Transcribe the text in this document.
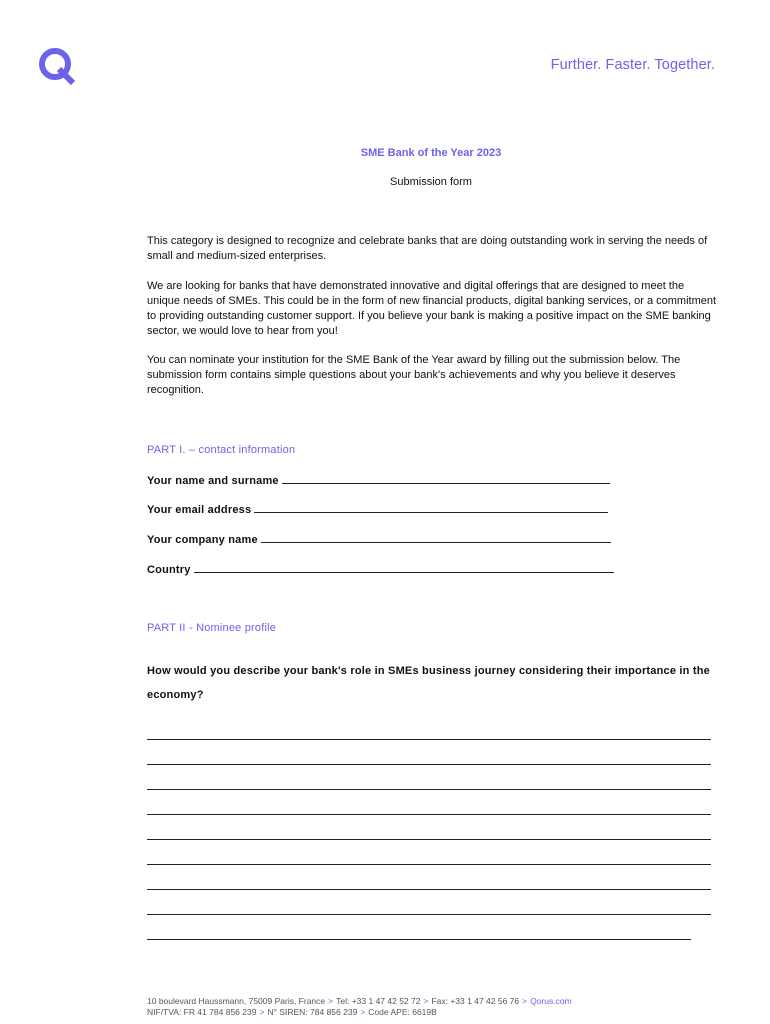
Further. Faster. Together.
SME Bank of the Year 2023
Submission form
This category is designed to recognize and celebrate banks that are doing outstanding work in serving the needs of small and medium-sized enterprises.
We are looking for banks that have demonstrated innovative and digital offerings that are designed to meet the unique needs of SMEs. This could be in the form of new financial products, digital banking services, or a commitment to providing outstanding customer support. If you believe your bank is making a positive impact on the SME banking sector, we would love to hear from you!
You can nominate your institution for the SME Bank of the Year award by filling out the submission below. The submission form contains simple questions about your bank's achievements and why you believe it deserves recognition.
PART I. – contact information
Your name and surname
Your email address
Your company name
Country
PART II - Nominee profile
How would you describe your bank's role in SMEs business journey considering their importance in the economy?
10 boulevard Haussmann, 75009 Paris, France > Tel: +33 1 47 42 52 72 > Fax: +33 1 47 42 56 76 > Qorus.com
NIF/TVA: FR 41 784 856 239 > N° SIREN: 784 856 239 > Code APE: 6619B
